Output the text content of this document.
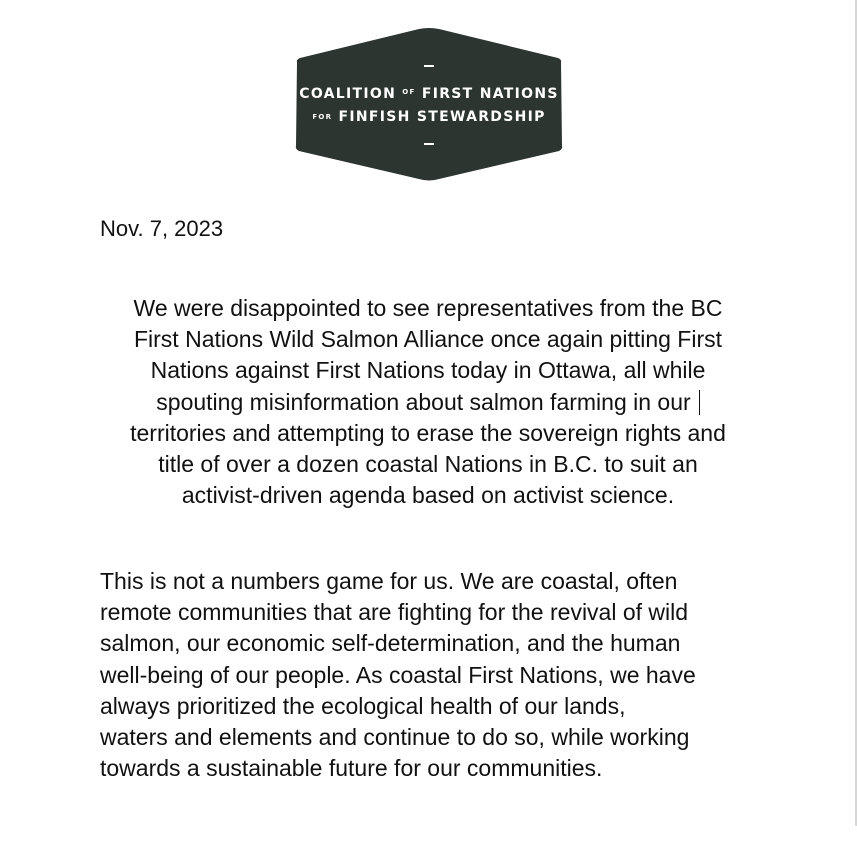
COALITION $^{OF}$ FIRST NATIONS
FOR FINFISH STEWARDSHIP
Nov. 7, 2023
We were disappointed to see representatives from the BC
First Nations Wild Salmon Alliance once again pitting First
Nations against First Nations today in Ottawa, all while
spouting misinformation about salmon farming in our
territories and attempting to erase the sovereign rights and
title of over a dozen coastal Nations in B.C. to suit an
activist-driven agenda based on activist science.
This is not a numbers game for us. We are coastal, often
remote communities that are fighting for the revival of wild
salmon, our economic self-determination, and the human
well-being of our people. As coastal First Nations, we have
always prioritized the ecological health of our lands,
waters and elements and continue to do so, while working
towards a sustainable future for our communities.
